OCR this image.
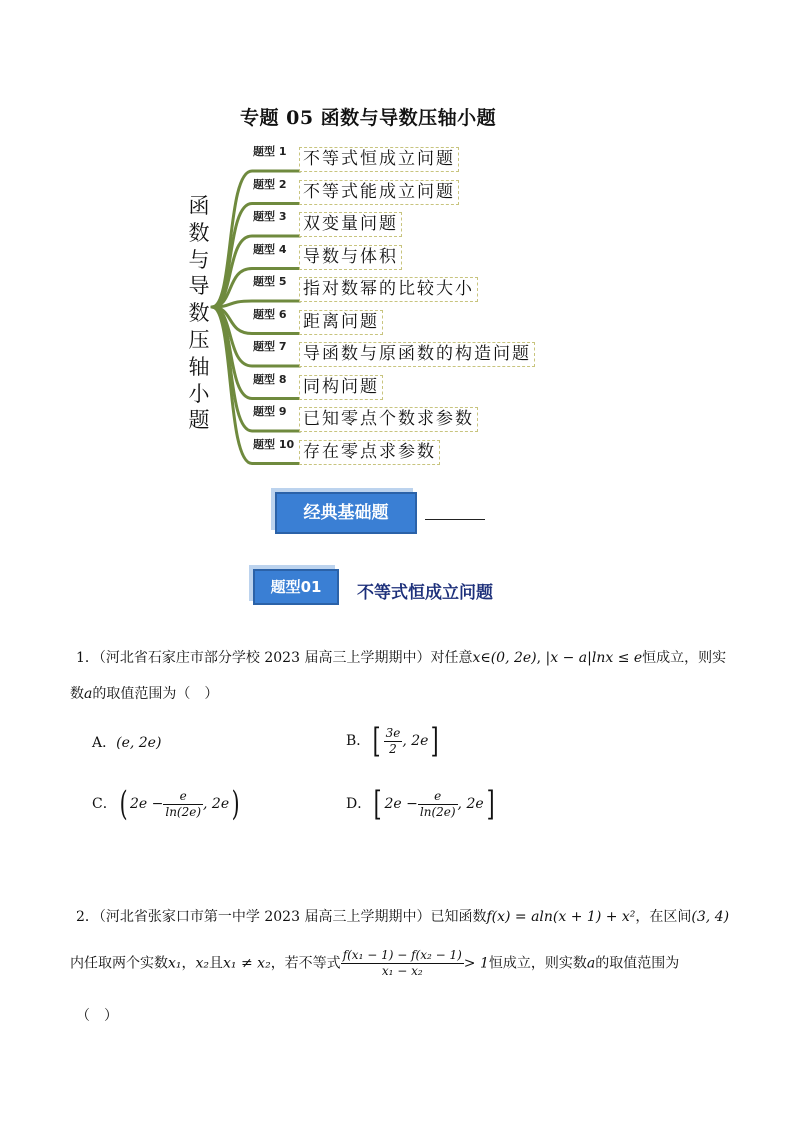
专题 05 函数与导数压轴小题
函
数
与
导
数
压
轴
小
题
题型 1 不等式恒成立问题
题型 2 不等式能成立问题
题型 3 双变量问题
题型 4 导数与体积
题型 5 指对数幂的比较大小
题型 6 距离问题
题型 7 导函数与原函数的构造问题
题型 8 同构问题
题型 9 已知零点个数求参数
题型 10 存在零点求参数
经典基础题
题型01	不等式恒成立问题
1．（河北省石家庄市部分学校 2023 届高三上学期期中）对任意x∈(0, 2e), |x − a|lnx ≤ e恒成立，则实
数a的取值范围为（　）
A．(e, 2e)	B．[ $\frac{3e}{2}$ , 2e]
C．( $2e - \frac{e}{\ln(2e)}$ , 2e)	D．[ $2e - \frac{e}{\ln(2e)}$ , 2e]
2．（河北省张家口市第一中学 2023 届高三上学期期中）已知函数f(x) = aln(x + 1) + x²，在区间(3, 4)
内任取两个实数x₁，x₂且x₁ ≠ x₂，若不等式 $\frac{\text{f(x₁ − 1) − f(x₂ − 1)}}{\text{x₁ − x₂}} > 1$恒成立，则实数a的取值范围为
（　）
